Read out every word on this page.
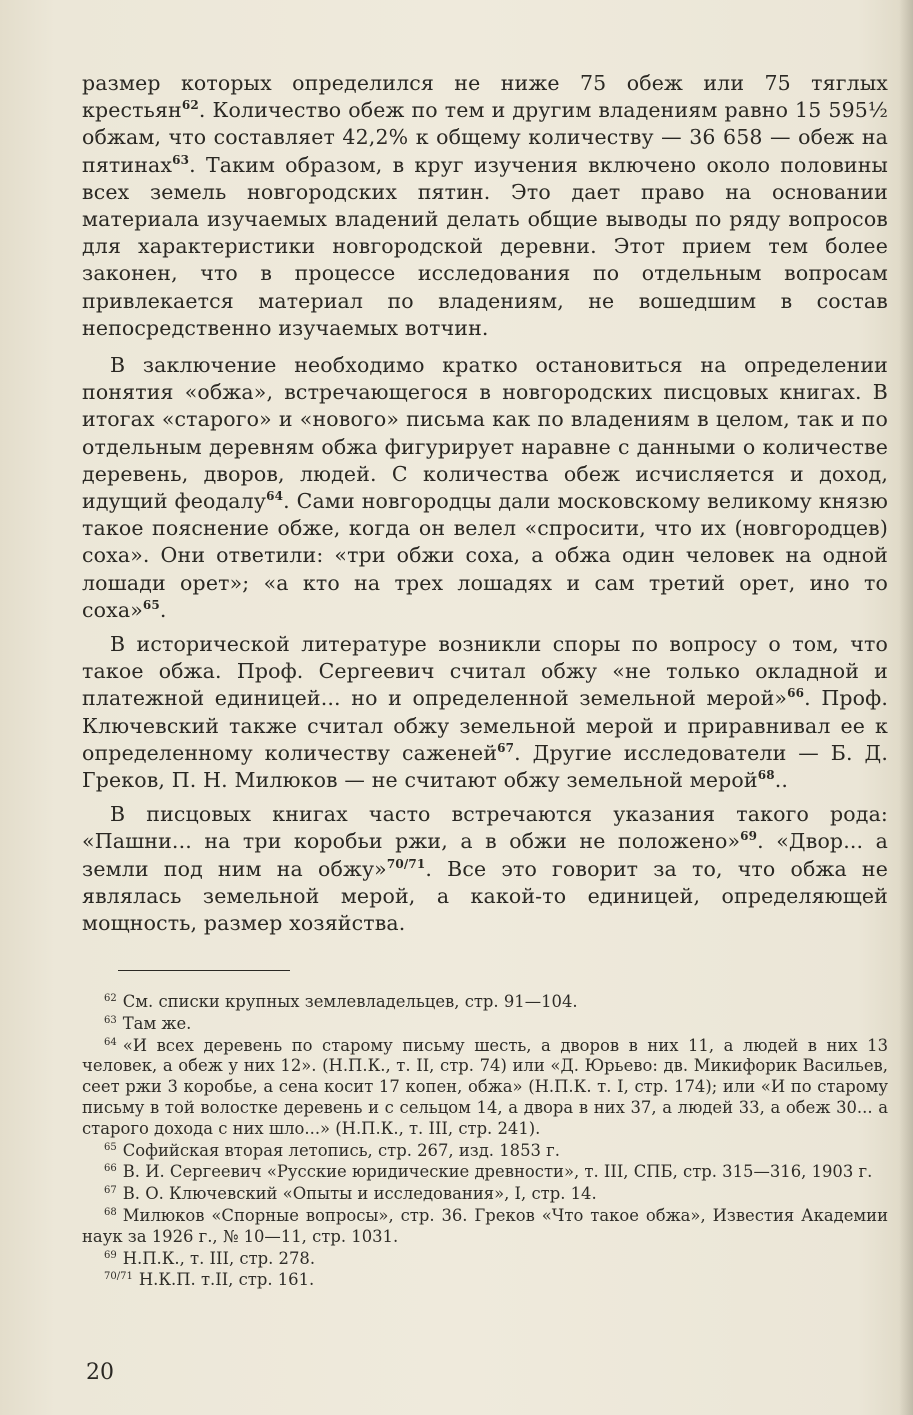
размер которых определился не ниже 75 обеж или 75 тяглых крестьян$^{62}$. Количество обеж по тем и другим владениям равно 15 595½ обжам, что составляет 42,2% к общему количеству — 36 658 — обеж на пятинах$^{63}$. Таким образом, в круг изучения включено около половины всех земель новгородских пятин. Это дает право на основании материала изучаемых владений делать общие выводы по ряду вопросов для характеристики новгородской деревни. Этот прием тем более законен, что в процессе исследования по отдельным вопросам привлекается материал по владениям, не вошедшим в состав непосредственно изучаемых вотчин.

В заключение необходимо кратко остановиться на определении понятия «обжа», встречающегося в новгородских писцовых книгах. В итогах «старого» и «нового» письма как по владениям в целом, так и по отдельным деревням обжа фигурирует наравне с данными о количестве деревень, дворов, людей. С количества обеж исчисляется и доход, идущий феодалу$^{64}$. Сами новгородцы дали московскому великому князю такое пояснение обже, когда он велел «спросити, что их (новгородцев) соха». Они ответили: «три обжи соха, а обжа один человек на одной лошади орет»; «а кто на трех лошадях и сам третий орет, ино то соха»$^{65}$.

В исторической литературе возникли споры по вопросу о том, что такое обжа. Проф. Сергеевич считал обжу «не только окладной и платежной единицей... но и определенной земельной мерой»$^{66}$. Проф. Ключевский также считал обжу земельной мерой и приравнивал ее к определенному количеству саженей$^{67}$. Другие исследователи — Б. Д. Греков, П. Н. Милюков — не считают обжу земельной мерой$^{68}$..

В писцовых книгах часто встречаются указания такого рода: «Пашни... на три коробьи ржи, а в обжи не положено»$^{69}$. «Двор... а земли под ним на обжу»$^{70/71}$. Все это говорит за то, что обжа не являлась земельной мерой, а какой-то единицей, определяющей мощность, размер хозяйства.

$^{62}$ См. списки крупных землевладельцев, стр. 91—104.

$^{63}$ Там же.

$^{64}$ «И всех деревень по старому письму шесть, а дворов в них 11, а людей в них 13 человек, а обеж у них 12». (Н.П.К., т. II, стр. 74) или «Д. Юрьево: дв. Микифорик Васильев, сеет ржи 3 коробье, а сена косит 17 копен, обжа» (Н.П.К. т. I, стр. 174); или «И по старому письму в той волостке деревень и с сельцом 14, а двора в них 37, а людей 33, а обеж 30... а старого дохода с них шло...» (Н.П.К., т. III, стр. 241).

$^{65}$ Софийская вторая летопись, стр. 267, изд. 1853 г.

$^{66}$ В. И. Сергеевич «Русские юридические древности», т. III, СПБ, стр. 315—316, 1903 г.

$^{67}$ В. О. Ключевский «Опыты и исследования», I, стр. 14.

$^{68}$ Милюков «Спорные вопросы», стр. 36. Греков «Что такое обжа», Известия Академии наук за 1926 г., № 10—11, стр. 1031.

$^{69}$ Н.П.К., т. III, стр. 278.

$^{70/71}$ Н.К.П. т.II, стр. 161.

20
